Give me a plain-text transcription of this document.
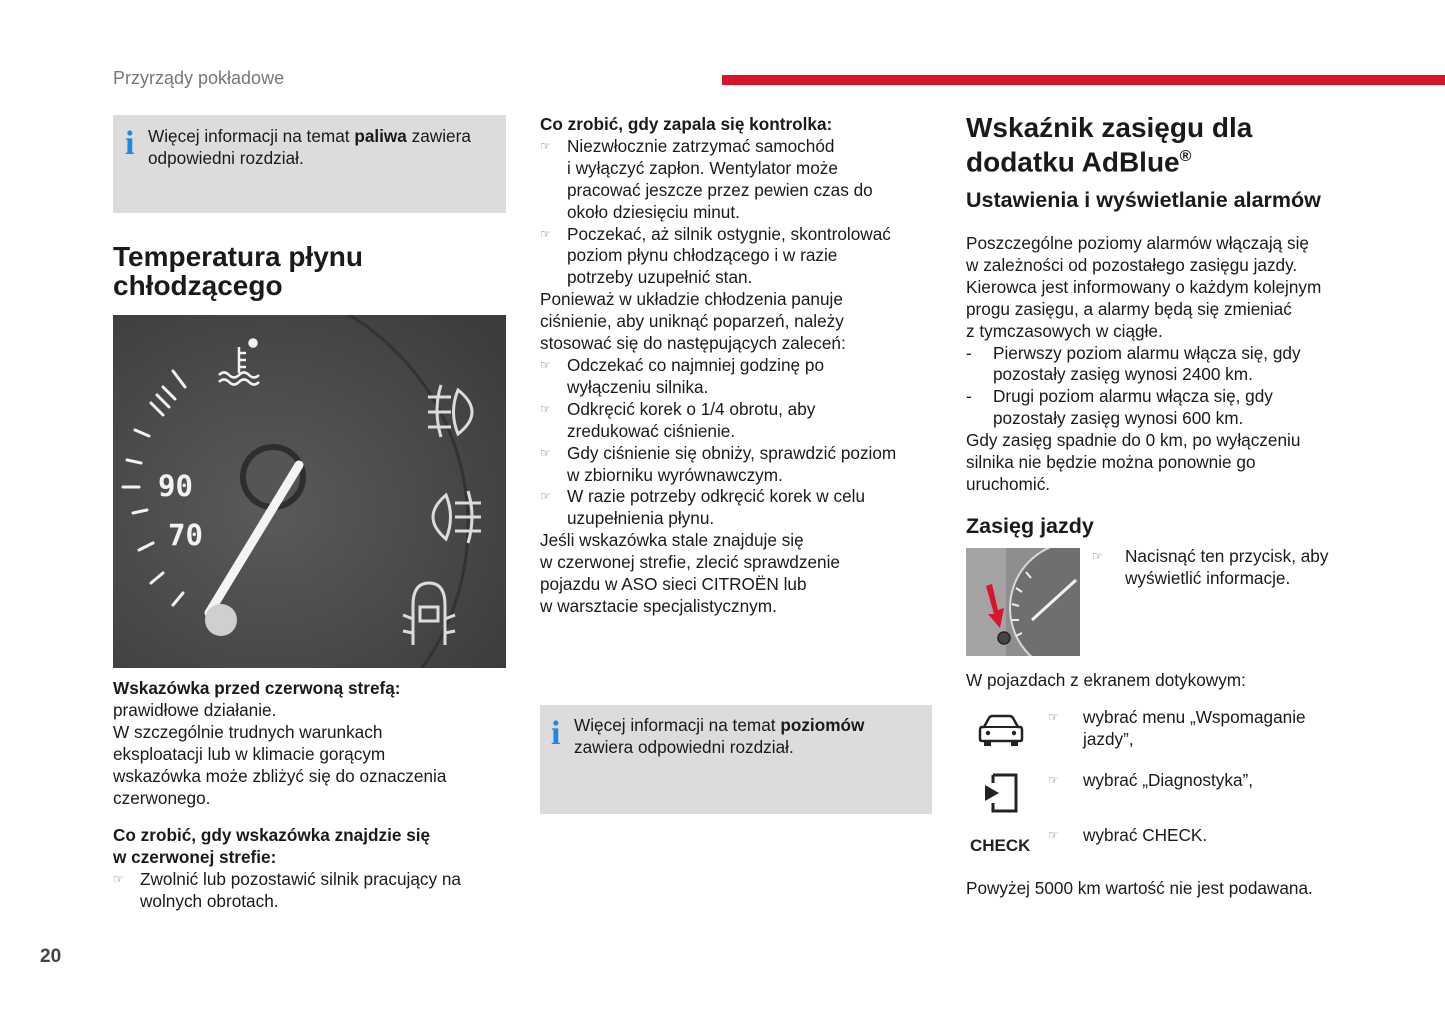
Przyrządy pokładowe
20
i Więcej informacji na temat paliwa zawiera odpowiedni rozdział.
Temperatura płynu
chłodzącego
90
70

Wskazówka przed czerwoną strefą:

prawidłowe działanie.

W szczególnie trudnych warunkach

eksploatacji lub w klimacie gorącym

wskazówka może zbliżyć się do oznaczenia

czerwonego.

Co zrobić, gdy wskazówka znajdzie się

w czerwonej strefie:

☞ Zwolnić lub pozostawić silnik pracujący na

wolnych obrotach.

Co zrobić, gdy zapala się kontrolka:

☞ Niezwłocznie zatrzymać samochód

i wyłączyć zapłon. Wentylator może

pracować jeszcze przez pewien czas do

około dziesięciu minut.

☞ Poczekać, aż silnik ostygnie, skontrolować

poziom płynu chłodzącego i w razie

potrzeby uzupełnić stan.

Ponieważ w układzie chłodzenia panuje

ciśnienie, aby uniknąć poparzeń, należy

stosować się do następujących zaleceń:

☞ Odczekać co najmniej godzinę po

wyłączeniu silnika.

☞ Odkręcić korek o 1/4 obrotu, aby

zredukować ciśnienie.

☞ Gdy ciśnienie się obniży, sprawdzić poziom

w zbiorniku wyrównawczym.

☞ W razie potrzeby odkręcić korek w celu

uzupełnienia płynu.

Jeśli wskazówka stale znajduje się

w czerwonej strefie, zlecić sprawdzenie

pojazdu w ASO sieci CITROËN lub

w warsztacie specjalistycznym.

i Więcej informacji na temat poziomów
zawiera odpowiedni rozdział.
Wskaźnik zasięgu dla
dodatku AdBlue®
Ustawienia i wyświetlanie alarmów

Poszczególne poziomy alarmów włączają się

w zależności od pozostałego zasięgu jazdy.

Kierowca jest informowany o każdym kolejnym

progu zasięgu, a alarmy będą się zmieniać

z tymczasowych w ciągłe.

- Pierwszy poziom alarmu włącza się, gdy

pozostały zasięg wynosi 2400 km.

- Drugi poziom alarmu włącza się, gdy

pozostały zasięg wynosi 600 km.

Gdy zasięg spadnie do 0 km, po wyłączeniu

silnika nie będzie można ponownie go

uruchomić.

Zasięg jazdy
☞ Nacisnąć ten przycisk, aby

wyświetlić informacje.

W pojazdach z ekranem dotykowym:

CHECK
☞ wybrać menu „Wspomaganie

jazdy”,

☞ wybrać „Diagnostyka”,

☞ wybrać CHECK.

Powyżej 5000 km wartość nie jest podawana.
